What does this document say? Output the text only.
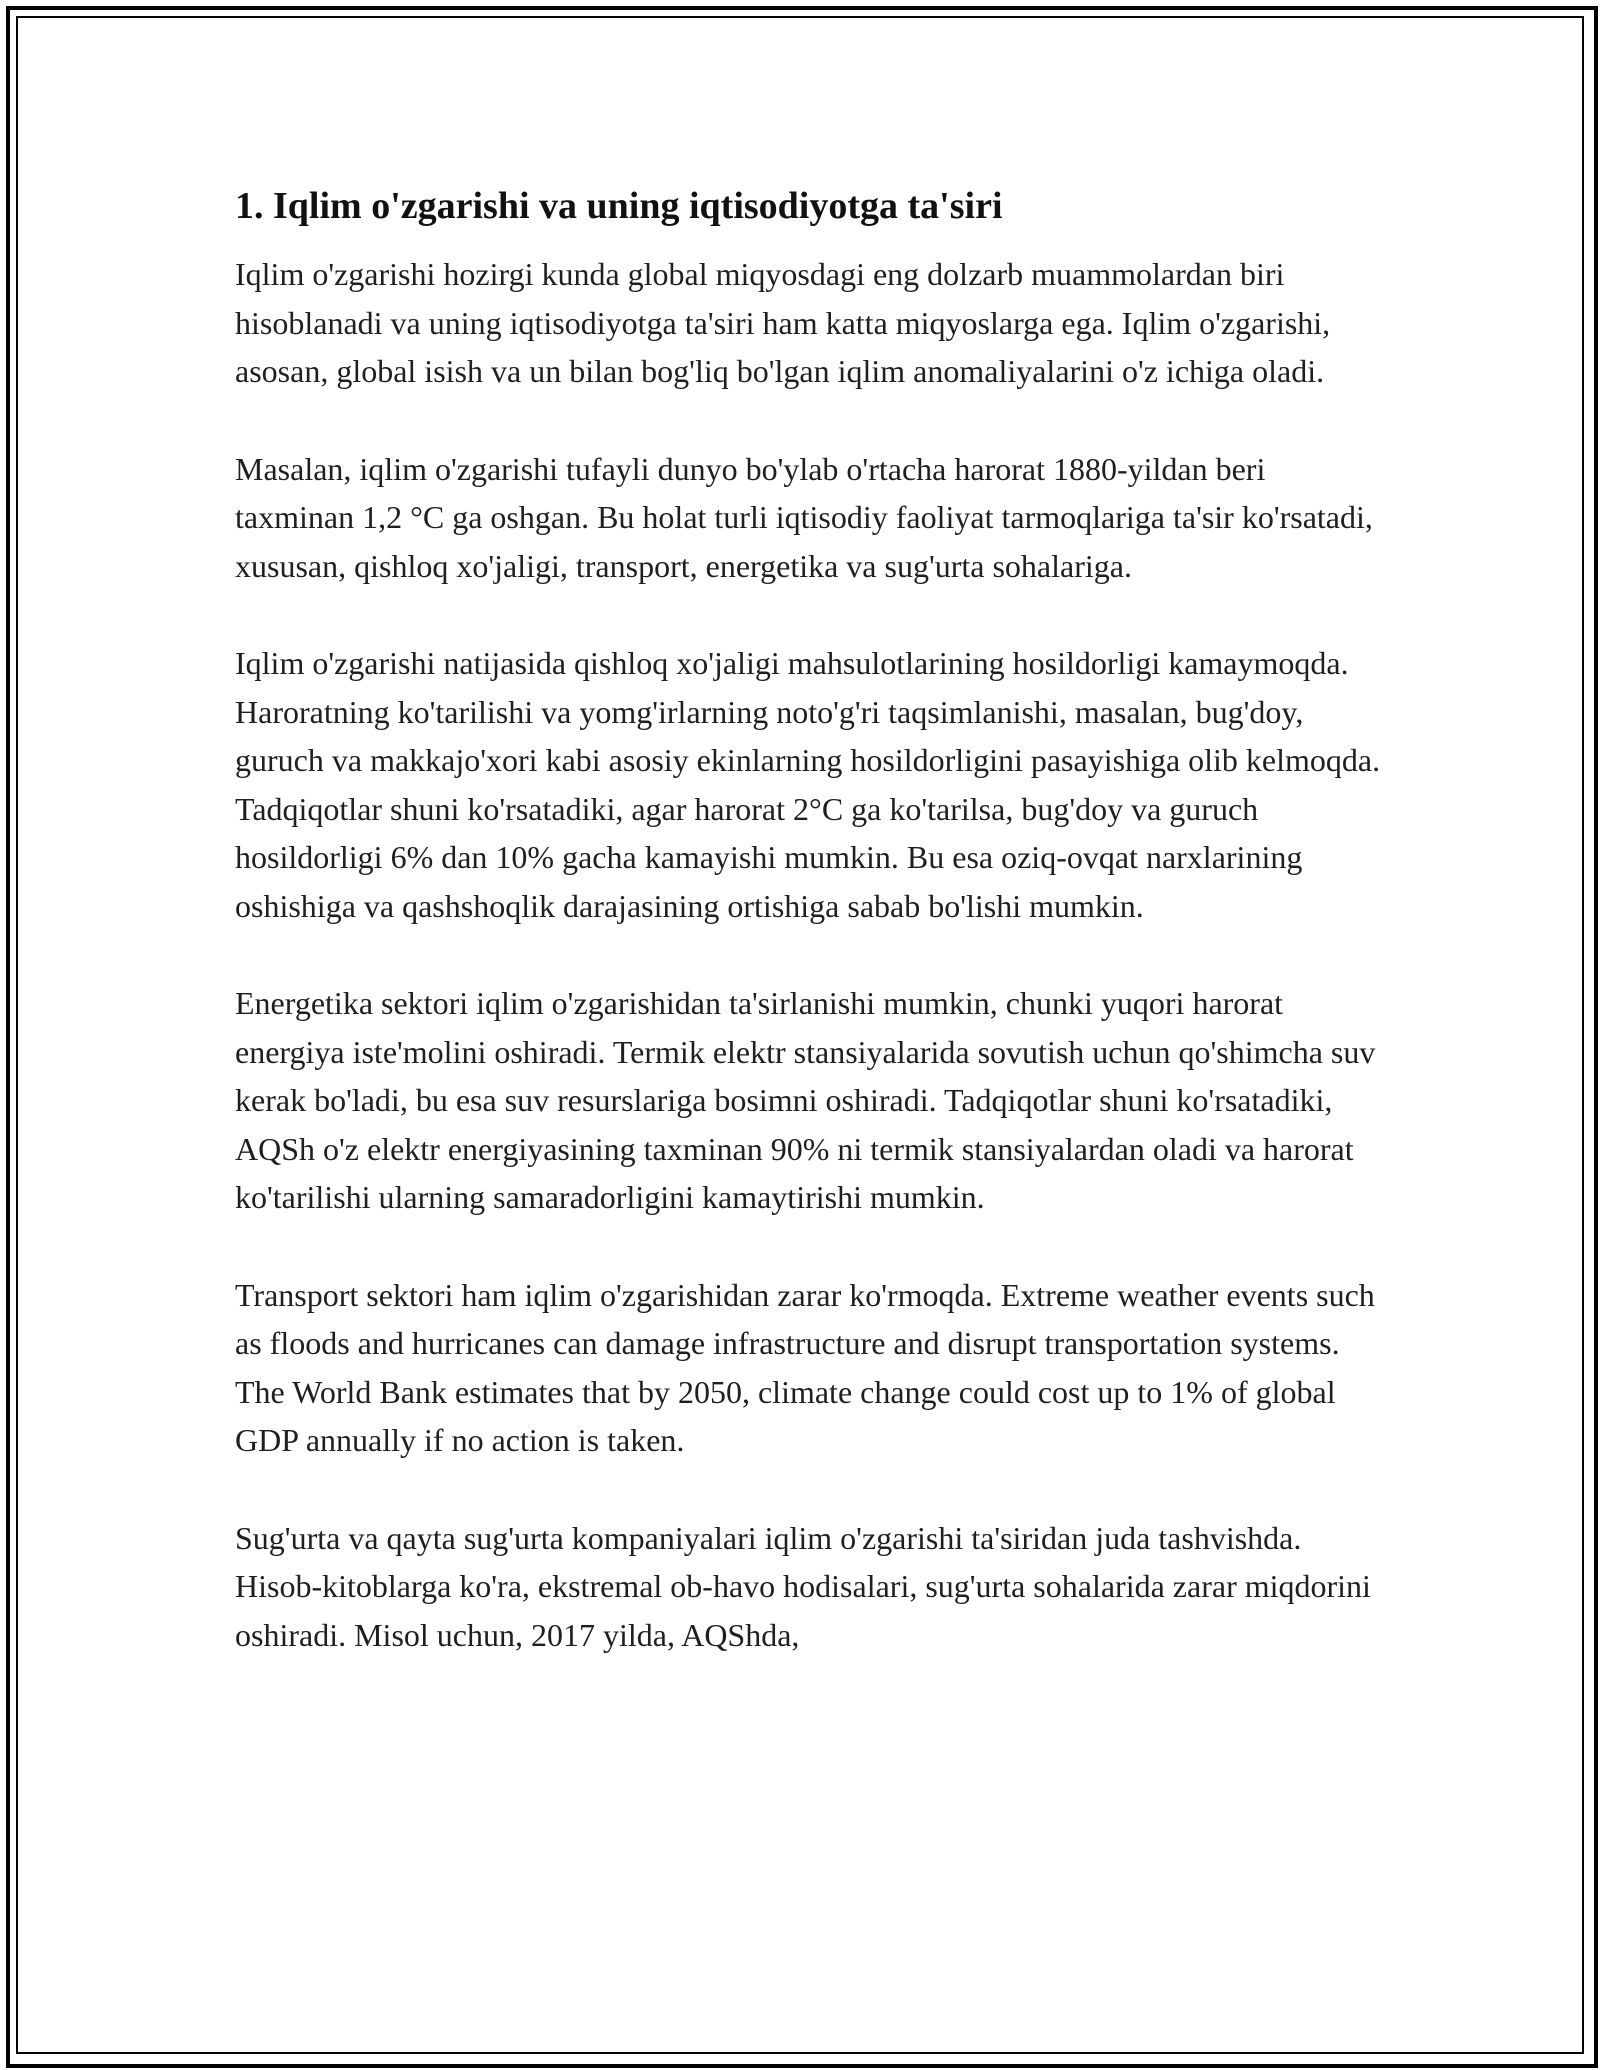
1. Iqlim o'zgarishi va uning iqtisodiyotga ta'siri

Iqlim o'zgarishi hozirgi kunda global miqyosdagi eng dolzarb muammolardan biri hisoblanadi va uning iqtisodiyotga ta'siri ham katta miqyoslarga ega. Iqlim o'zgarishi, asosan, global isish va un bilan bog'liq bo'lgan iqlim anomaliyalarini o'z ichiga oladi.

Masalan, iqlim o'zgarishi tufayli dunyo bo'ylab o'rtacha harorat 1880-yildan beri taxminan 1,2 °C ga oshgan. Bu holat turli iqtisodiy faoliyat tarmoqlariga ta'sir ko'rsatadi, xususan, qishloq xo'jaligi, transport, energetika va sug'urta sohalariga.

Iqlim o'zgarishi natijasida qishloq xo'jaligi mahsulotlarining hosildorligi kamaymoqda. Haroratning ko'tarilishi va yomg'irlarning noto'g'ri taqsimlanishi, masalan, bug'doy, guruch va makkajo'xori kabi asosiy ekinlarning hosildorligini pasayishiga olib kelmoqda. Tadqiqotlar shuni ko'rsatadiki, agar harorat 2°C ga ko'tarilsa, bug'doy va guruch hosildorligi 6% dan 10% gacha kamayishi mumkin. Bu esa oziq-ovqat narxlarining oshishiga va qashshoqlik darajasining ortishiga sabab bo'lishi mumkin.

Energetika sektori iqlim o'zgarishidan ta'sirlanishi mumkin, chunki yuqori harorat energiya iste'molini oshiradi. Termik elektr stansiyalarida sovutish uchun qo'shimcha suv kerak bo'ladi, bu esa suv resurslariga bosimni oshiradi. Tadqiqotlar shuni ko'rsatadiki, AQSh o'z elektr energiyasining taxminan 90% ni termik stansiyalardan oladi va harorat ko'tarilishi ularning samaradorligini kamaytirishi mumkin.

Transport sektori ham iqlim o'zgarishidan zarar ko'rmoqda. Extreme weather events such as floods and hurricanes can damage infrastructure and disrupt transportation systems. The World Bank estimates that by 2050, climate change could cost up to 1% of global GDP annually if no action is taken.

Sug'urta va qayta sug'urta kompaniyalari iqlim o'zgarishi ta'siridan juda tashvishda. Hisob-kitoblarga ko'ra, ekstremal ob-havo hodisalari, sug'urta sohalarida zarar miqdorini oshiradi. Misol uchun, 2017 yilda, AQShda,
